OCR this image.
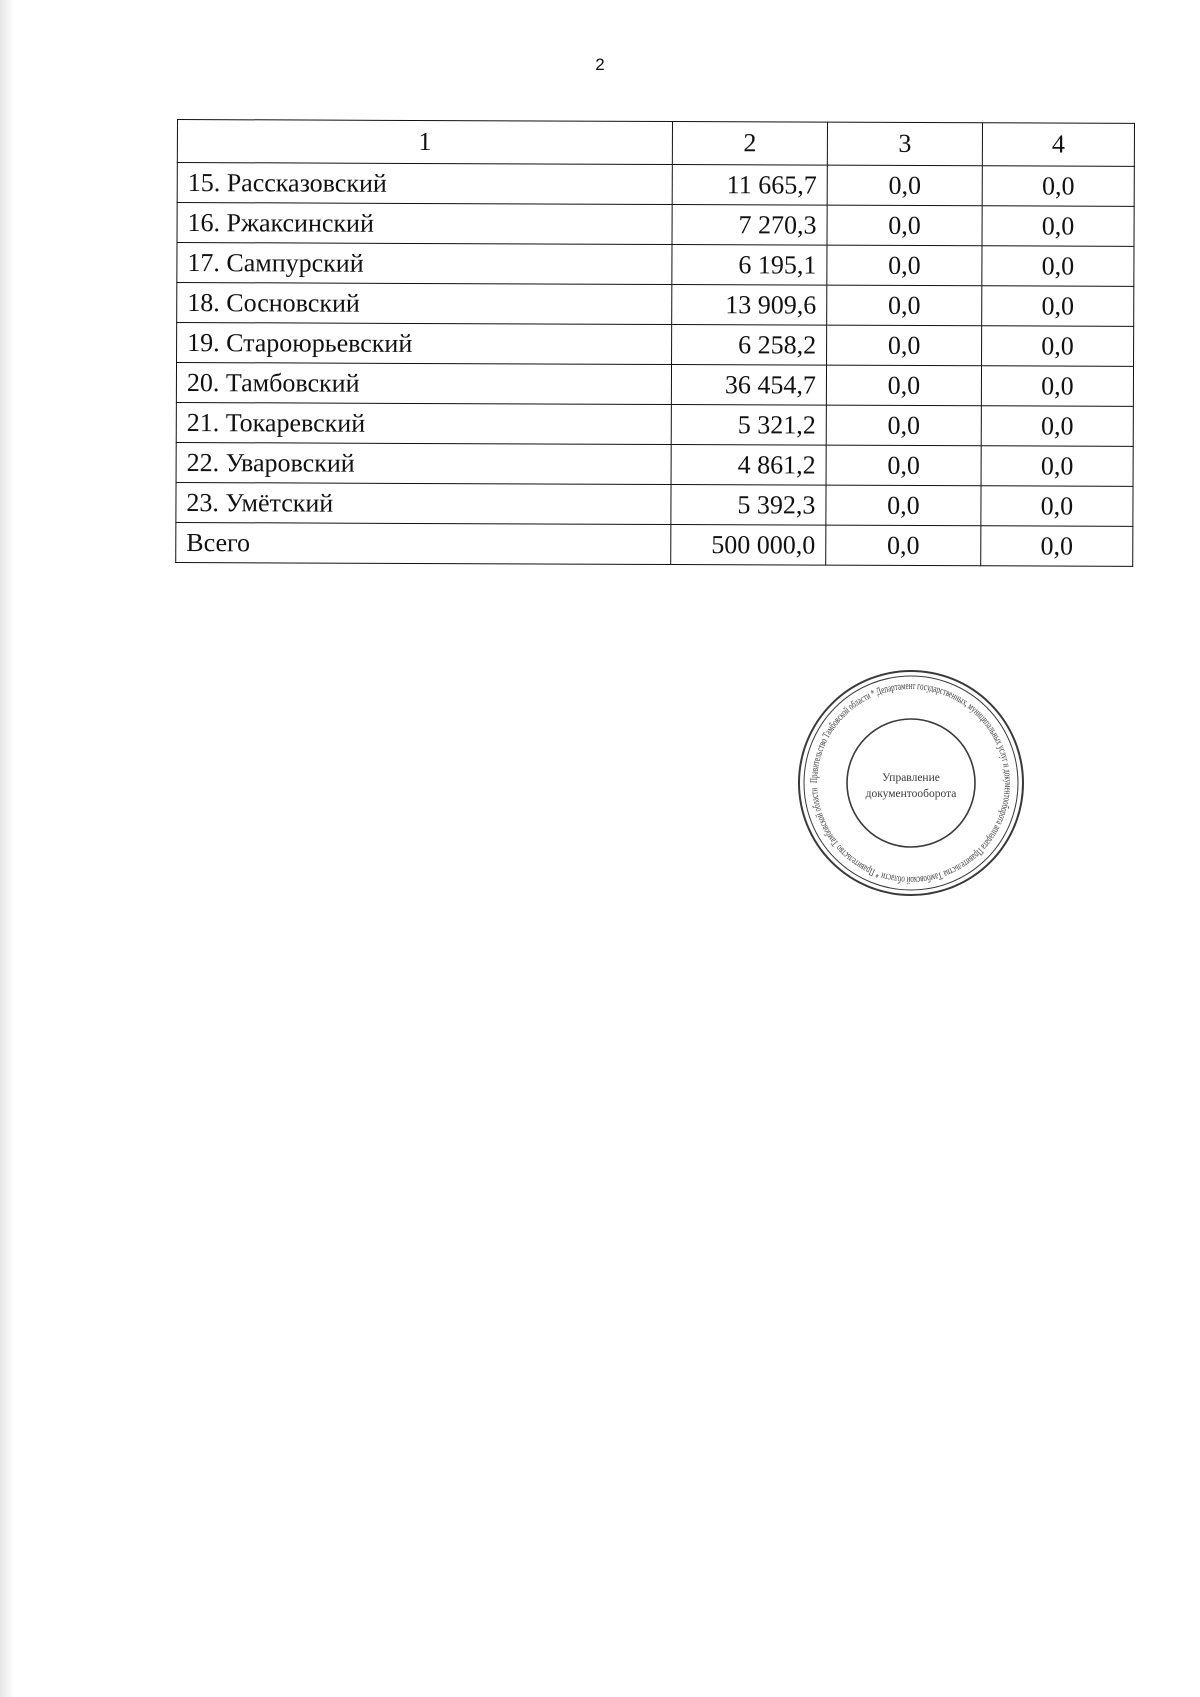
2
1	2	3	4
15. Рассказовский	11 665,7	0,0	0,0
16. Ржаксинский	7 270,3	0,0	0,0
17. Сампурский	6 195,1	0,0	0,0
18. Сосновский	13 909,6	0,0	0,0
19. Староюрьевский	6 258,2	0,0	0,0
20. Тамбовский	36 454,7	0,0	0,0
21. Токаревский	5 321,2	0,0	0,0
22. Уваровский	4 861,2	0,0	0,0
23. Умётский	5 392,3	0,0	0,0
Всего	500 000,0	0,0	0,0
Правительство Тамбовской области * Департамент государственных, муниципальных услуг и документооборота аппарата Правительства Тамбовской области * Правительство Тамбовской области
Управление
документооборота
